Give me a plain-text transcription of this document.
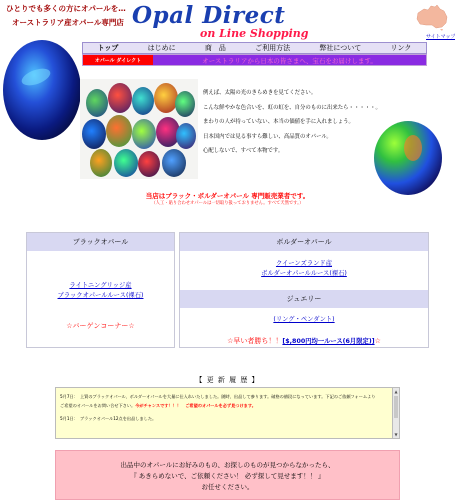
ひとりでも多くの方にオパールを…
オーストラリア産オパール専門店 Opal Direct
on Line Shopping	サイトマップ
トップ	はじめに	商　品	ご利用方法	弊社について	リンク
オパール ダイレクト	オーストラリアから日本の皆さまへ、宝石をお届けします。

例えば、太陽の光のきらめきを見てください。

こんな鮮やかな色合いを、虹の虹を、自分のものに出来たら・・・・・。

まわりの人が持っていない、本当の価値を手に入れましょう。

日本国内では見る事すら難しい、高品質のオパール。

心配しないで、すべて本物です。

当店はブラック・ボルダーオパール 専門販売業者です。
（人工・貼り合わせオパールは一切取り扱っておりません。すべて天然です。）
ブラックオパール
ライトニングリッジ産
ブラックオパールルース(裸石)
☆バーゲンコーナー☆
ボルダーオパール
クイーンズランド産
ボルダーオパールルース(裸石)
ジュエリー
(リング・ペンダント)
☆早い者勝ち！！[$,800円均一ルース(6月限定)]☆
【 更 新 履 歴 】
5月7日：　上質のブラックオパール、ボルダーオパールを大量に仕入れいたしました。随時、出品して参ります。破格の値段になっています。下記のご依頼フォームより
ご希望のオパールをお問い合せ下さい。今がチャンスです！！！　ご希望のオパールを必ず見つけます。
5月1日：　ブラックオパール12点を出品しました。
▲
▼
出品中のオパールにお好みのもの、お探しのものが見つからなかったら、
『 あきらめないで、ご依頼ください！ 必ず探して見せます！！ 』
お任せください。
